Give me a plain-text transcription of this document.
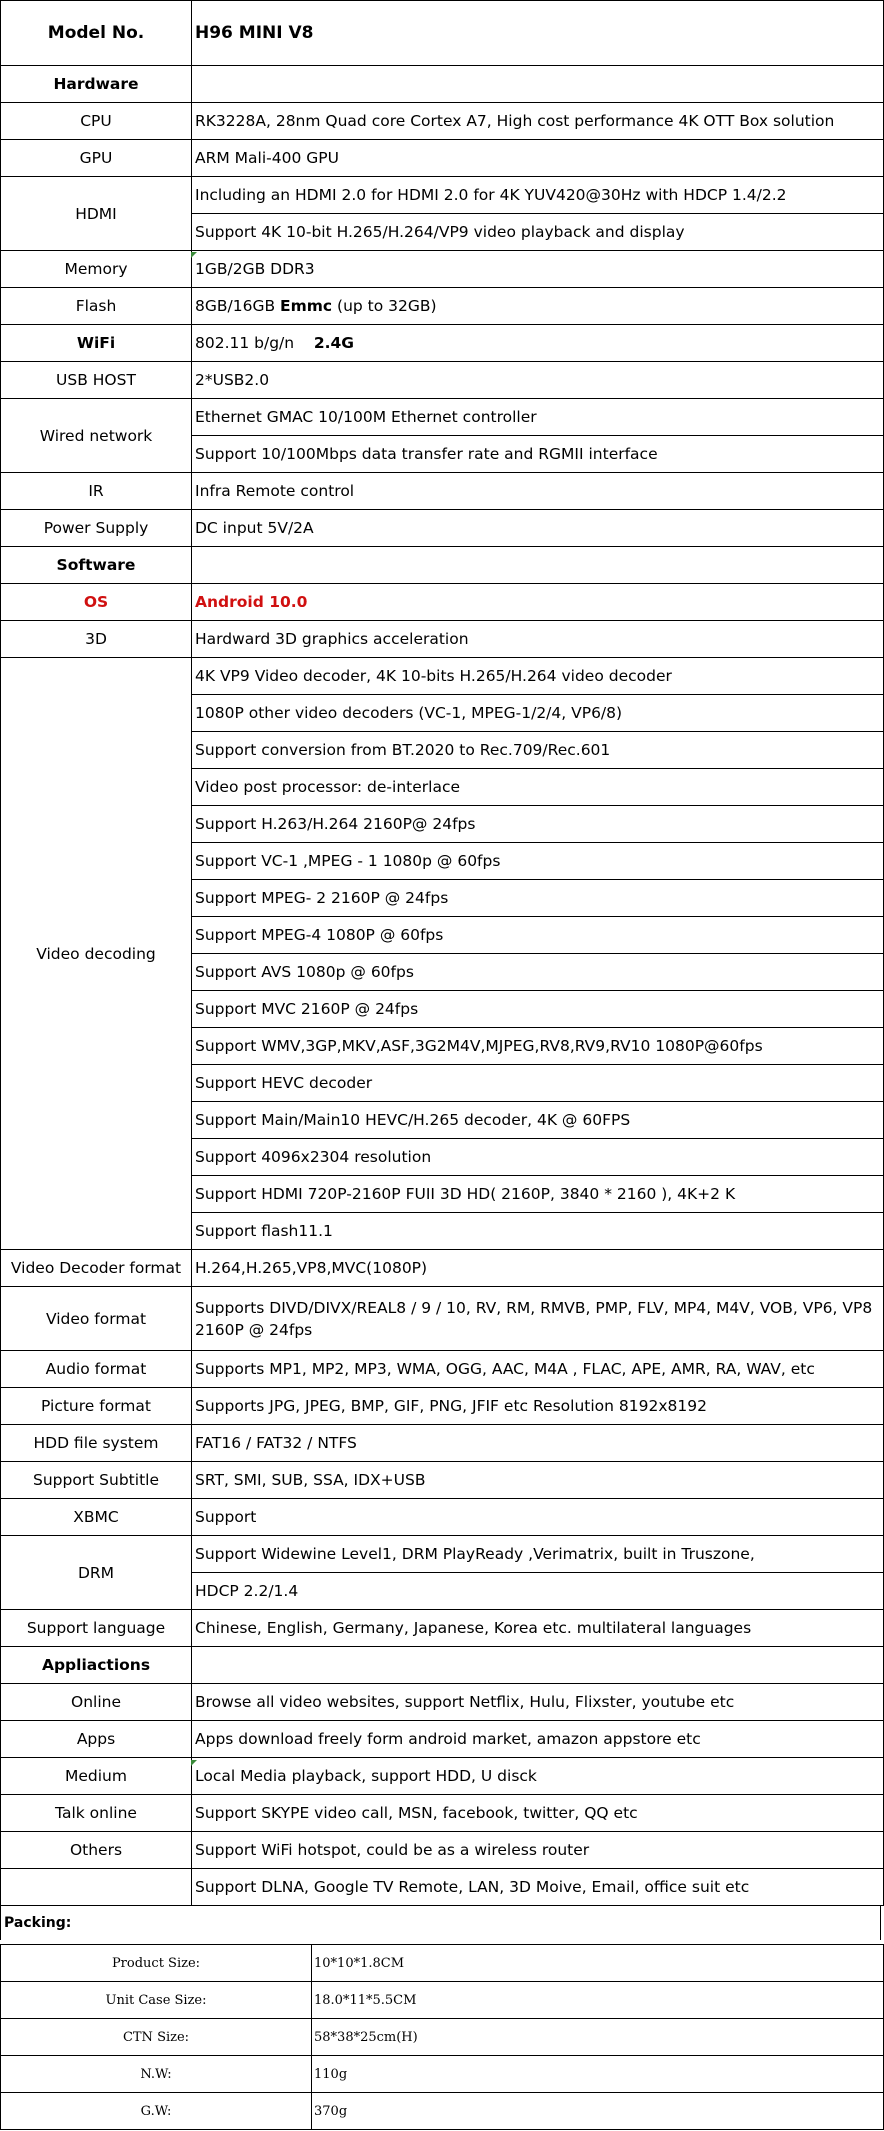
Model No.	H96 MINI V8
Hardware	
CPU	RK3228A, 28nm Quad core Cortex A7, High cost performance 4K OTT Box solution
GPU	ARM Mali-400 GPU
HDMI	Including an HDMI 2.0 for HDMI 2.0 for 4K YUV420@30Hz with HDCP 1.4/2.2
	Support 4K 10-bit H.265/H.264/VP9 video playback and display
Memory	1GB/2GB DDR3
Flash	8GB/16GB Emmc (up to 32GB)
WiFi	802.11 b/g/n 2.4G
USB HOST	2*USB2.0
Wired network	Ethernet GMAC 10/100M Ethernet controller
	Support 10/100Mbps data transfer rate and RGMII interface
IR	Infra Remote control
Power Supply	DC input 5V/2A
Software	
OS	Android 10.0
3D	Hardward 3D graphics acceleration
Video decoding	4K VP9 Video decoder, 4K 10-bits H.265/H.264 video decoder
	1080P other video decoders (VC-1, MPEG-1/2/4, VP6/8)
	Support conversion from BT.2020 to Rec.709/Rec.601
	Video post processor: de-interlace
	Support H.263/H.264 2160P@ 24fps
	Support VC-1 ,MPEG - 1 1080p @ 60fps
	Support MPEG- 2 2160P @ 24fps
	Support MPEG-4 1080P @ 60fps
	Support AVS 1080p @ 60fps
	Support MVC 2160P @ 24fps
	Support WMV,3GP,MKV,ASF,3G2M4V,MJPEG,RV8,RV9,RV10 1080P@60fps
	Support HEVC decoder
	Support Main/Main10 HEVC/H.265 decoder, 4K @ 60FPS
	Support 4096x2304 resolution
	Support HDMI 720P-2160P FUII 3D HD( 2160P, 3840 * 2160 ), 4K+2 K
	Support flash11.1
Video Decoder format	H.264,H.265,VP8,MVC(1080P)
Video format	Supports DIVD/DIVX/REAL8 / 9 / 10, RV, RM, RMVB, PMP, FLV, MP4, M4V, VOB, VP6, VP8 2160P @ 24fps
Audio format	Supports MP1, MP2, MP3, WMA, OGG, AAC, M4A , FLAC, APE, AMR, RA, WAV, etc
Picture format	Supports JPG, JPEG, BMP, GIF, PNG, JFIF etc Resolution 8192x8192
HDD file system	FAT16 / FAT32 / NTFS
Support Subtitle	SRT, SMI, SUB, SSA, IDX+USB
XBMC	Support
DRM	Support Widewine Level1, DRM PlayReady ,Verimatrix, built in Truszone,
	HDCP 2.2/1.4
Support language	Chinese, English, Germany, Japanese, Korea etc. multilateral languages
Appliactions	
Online	Browse all video websites, support Netflix, Hulu, Flixster, youtube etc
Apps	Apps download freely form android market, amazon appstore etc
Medium	Local Media playback, support HDD, U disck
Talk online	Support SKYPE video call, MSN, facebook, twitter, QQ etc
Others	Support WiFi hotspot, could be as a wireless router
	Support DLNA, Google TV Remote, LAN, 3D Moive, Email, office suit etc
Packing:
Product Size:	10*10*1.8CM
Unit Case Size:	18.0*11*5.5CM
CTN Size:	58*38*25cm(H)
N.W:	110g
G.W:	370g
